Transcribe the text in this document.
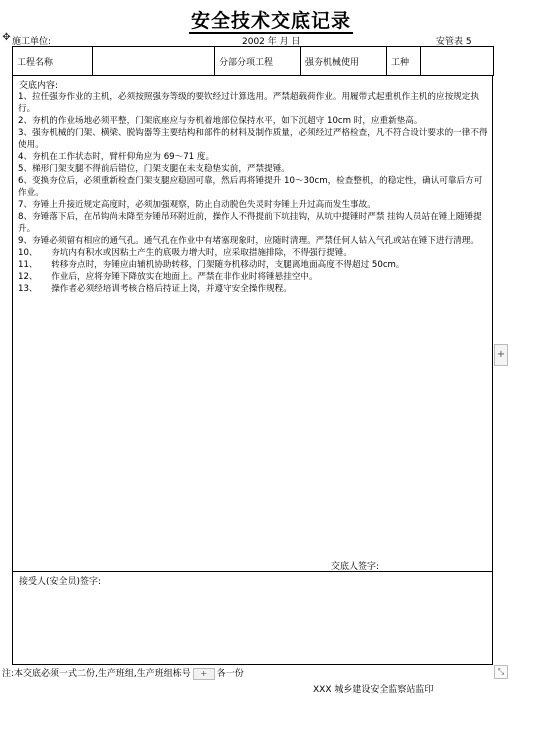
安全技术交底记录
✥ 施工单位:	2002 年 月 日	安管表 5
工程名称		分部分项工程	强夯机械使用	工种	
交底内容:
1、拉任强夯作业的主机，必须按照强夯等级的要钦经过计算选用。严禁超载荷作业。用履带式起重机作主机的应按规定执行。
2、夯机的作业场地必须平整，门架底座应与夯机着地部位保持水平，如下沉超守 10cm 时，应重新垫高。
3、强夯机械的门架、横梁、脱钩器等主要结构和部件的材料及制作质量，必须经过严格检查，凡不符合设计要求的一律不得使用。
4、夯机在工作状态时，臂杆仰角应为 69～71 度。
5、梯形门架支腿不得前后错位，门架支腿在未支稳垫实前，严禁提锤。
6、变换夯位后，必须重新检查门架支腿应稳固可靠，然后再将锤提升 10～30cm，检查整机，的稳定性，确认可靠后方可作业。
7、夯锤上升接近规定高度时，必须加强观察，防止自动脱色失灵时夯锤上升过高而发生事故。
8、夯锤落下后，在吊钩尚未降至夯锤吊环附近前，操作人不得提前下坑挂钩，从坑中提锤时严禁 挂钩人员站在锤上随锤提升。
9、夯锤必须留有相应的通气孔。通气孔在作业中有堵塞现象时，应随时清理。严禁任何人钻入气孔或站在锤下进行清理。
10、     夯坑内有积水或因粘土产生的底吸力增大时，应采取措施排除，不得强行提锤。
11、     转移夯点时，夯锤应由辅机协助转移，门架随夯机移动时，支腿离地面高度不得超过 50cm。
12、     作业后，应将夯锤下降放实在地面上。严禁在非作业时将锤悬挂空中。
13、     操作者必须经培训考核合格后持证上岗，并遵守安全操作规程。
交底人签字:
接受人(安全员)签字:
+
⤡
注:本交底必须一式二份,生产班组,生产班组栋号 + 各一份
XXX 城乡建设安全监察站监印
